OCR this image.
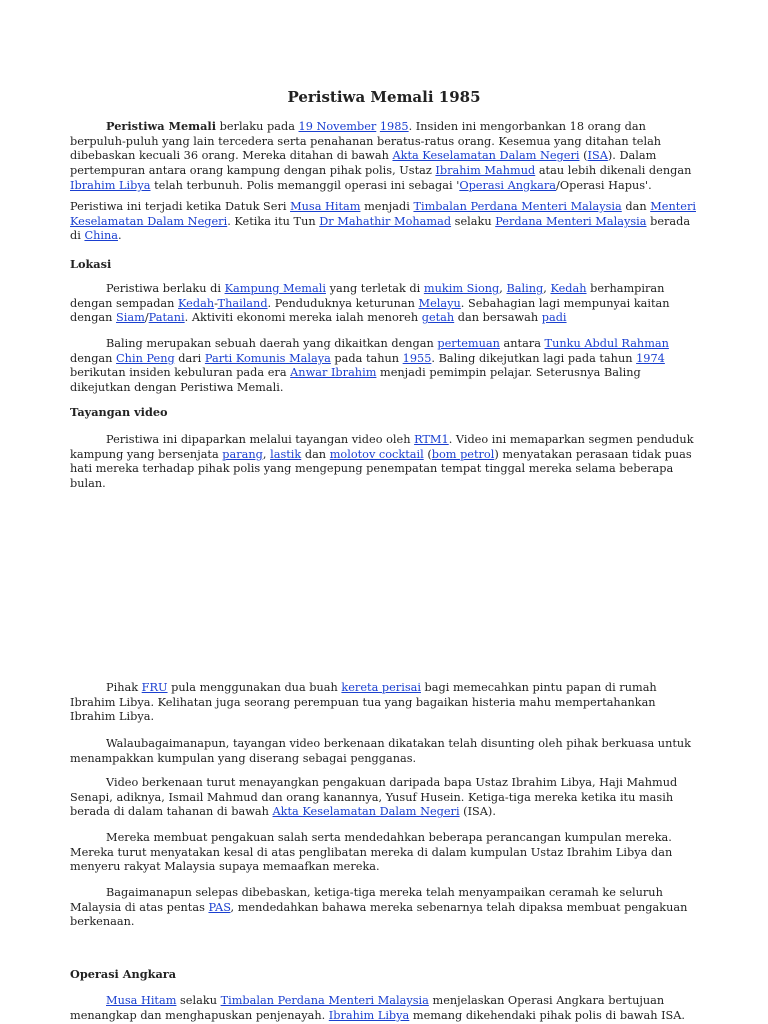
Peristiwa Memali 1985

Peristiwa Memali berlaku pada 19 November 1985. Insiden ini mengorbankan 18 orang dan berpuluh-puluh yang lain tercedera serta penahanan beratus-ratus orang. Kesemua yang ditahan telah dibebaskan kecuali 36 orang. Mereka ditahan di bawah Akta Keselamatan Dalam Negeri (ISA). Dalam pertempuran antara orang kampung dengan pihak polis, Ustaz Ibrahim Mahmud atau lebih dikenali dengan Ibrahim Libya telah terbunuh. Polis memanggil operasi ini sebagai 'Operasi Angkara/Operasi Hapus'.

Peristiwa ini terjadi ketika Datuk Seri Musa Hitam menjadi Timbalan Perdana Menteri Malaysia dan Menteri Keselamatan Dalam Negeri. Ketika itu Tun Dr Mahathir Mohamad selaku Perdana Menteri Malaysia berada di China.

Lokasi

Peristiwa berlaku di Kampung Memali yang terletak di mukim Siong, Baling, Kedah berhampiran dengan sempadan Kedah-Thailand. Penduduknya keturunan Melayu. Sebahagian lagi mempunyai kaitan dengan Siam/Patani. Aktiviti ekonomi mereka ialah menoreh getah dan bersawah padi

Baling merupakan sebuah daerah yang dikaitkan dengan pertemuan antara Tunku Abdul Rahman dengan Chin Peng dari Parti Komunis Malaya pada tahun 1955. Baling dikejutkan lagi pada tahun 1974 berikutan insiden kebuluran pada era Anwar Ibrahim menjadi pemimpin pelajar. Seterusnya Baling dikejutkan dengan Peristiwa Memali.

Tayangan video

Peristiwa ini dipaparkan melalui tayangan video oleh RTM1. Video ini memaparkan segmen penduduk kampung yang bersenjata parang, lastik dan molotov cocktail (bom petrol) menyatakan perasaan tidak puas hati mereka terhadap pihak polis yang mengepung penempatan tempat tinggal mereka selama beberapa bulan.

Pihak FRU pula menggunakan dua buah kereta perisai bagi memecahkan pintu papan di rumah Ibrahim Libya. Kelihatan juga seorang perempuan tua yang bagaikan histeria mahu mempertahankan Ibrahim Libya.

Walaubagaimanapun, tayangan video berkenaan dikatakan telah disunting oleh pihak berkuasa untuk menampakkan kumpulan yang diserang sebagai pengganas.

Video berkenaan turut menayangkan pengakuan daripada bapa Ustaz Ibrahim Libya, Haji Mahmud Senapi, adiknya, Ismail Mahmud dan orang kanannya, Yusuf Husein. Ketiga-tiga mereka ketika itu masih berada di dalam tahanan di bawah Akta Keselamatan Dalam Negeri (ISA).

Mereka membuat pengakuan salah serta mendedahkan beberapa perancangan kumpulan mereka. Mereka turut menyatakan kesal di atas penglibatan mereka di dalam kumpulan Ustaz Ibrahim Libya dan menyeru rakyat Malaysia supaya memaafkan mereka.

Bagaimanapun selepas dibebaskan, ketiga-tiga mereka telah menyampaikan ceramah ke seluruh Malaysia di atas pentas PAS, mendedahkan bahawa mereka sebenarnya telah dipaksa membuat pengakuan berkenaan.

Operasi Angkara

Musa Hitam selaku Timbalan Perdana Menteri Malaysia menjelaskan Operasi Angkara bertujuan menangkap dan menghapuskan penjenayah. Ibrahim Libya memang dikehendaki pihak polis di bawah ISA.
